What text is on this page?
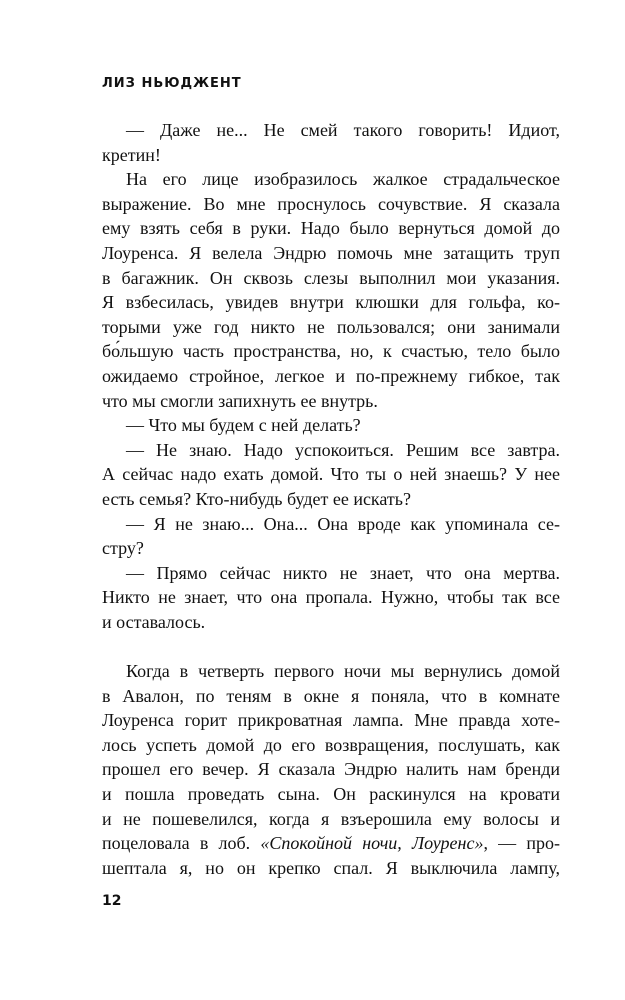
ЛИЗ НЬЮДЖЕНТ
— Даже не... Не смей такого говорить! Идиот,
кретин!
На его лице изобразилось жалкое страдальческое
выражение. Во мне проснулось сочувствие. Я сказала
ему взять себя в руки. Надо было вернуться домой до
Лоуренса. Я велела Эндрю помочь мне затащить труп
в багажник. Он сквозь слезы выполнил мои указания.
Я взбесилась, увидев внутри клюшки для гольфа, ко-
торыми уже год никто не пользовался; они занимали
бо́льшую часть пространства, но, к счастью, тело было
ожидаемо стройное, легкое и по-прежнему гибкое, так
что мы смогли запихнуть ее внутрь.
— Что мы будем с ней делать?
— Не знаю. Надо успокоиться. Решим все завтра.
А сейчас надо ехать домой. Что ты о ней знаешь? У нее
есть семья? Кто-нибудь будет ее искать?
— Я не знаю... Она... Она вроде как упоминала се-
стру?
— Прямо сейчас никто не знает, что она мертва.
Никто не знает, что она пропала. Нужно, чтобы так все
и оставалось.
Когда в четверть первого ночи мы вернулись домой
в Авалон, по теням в окне я поняла, что в комнате
Лоуренса горит прикроватная лампа. Мне правда хоте-
лось успеть домой до его возвращения, послушать, как
прошел его вечер. Я сказала Эндрю налить нам бренди
и пошла проведать сына. Он раскинулся на кровати
и не пошевелился, когда я взъерошила ему волосы и
поцеловала в лоб. «Спокойной ночи, Лоуренс», — про-
шептала я, но он крепко спал. Я выключила лампу,
12
